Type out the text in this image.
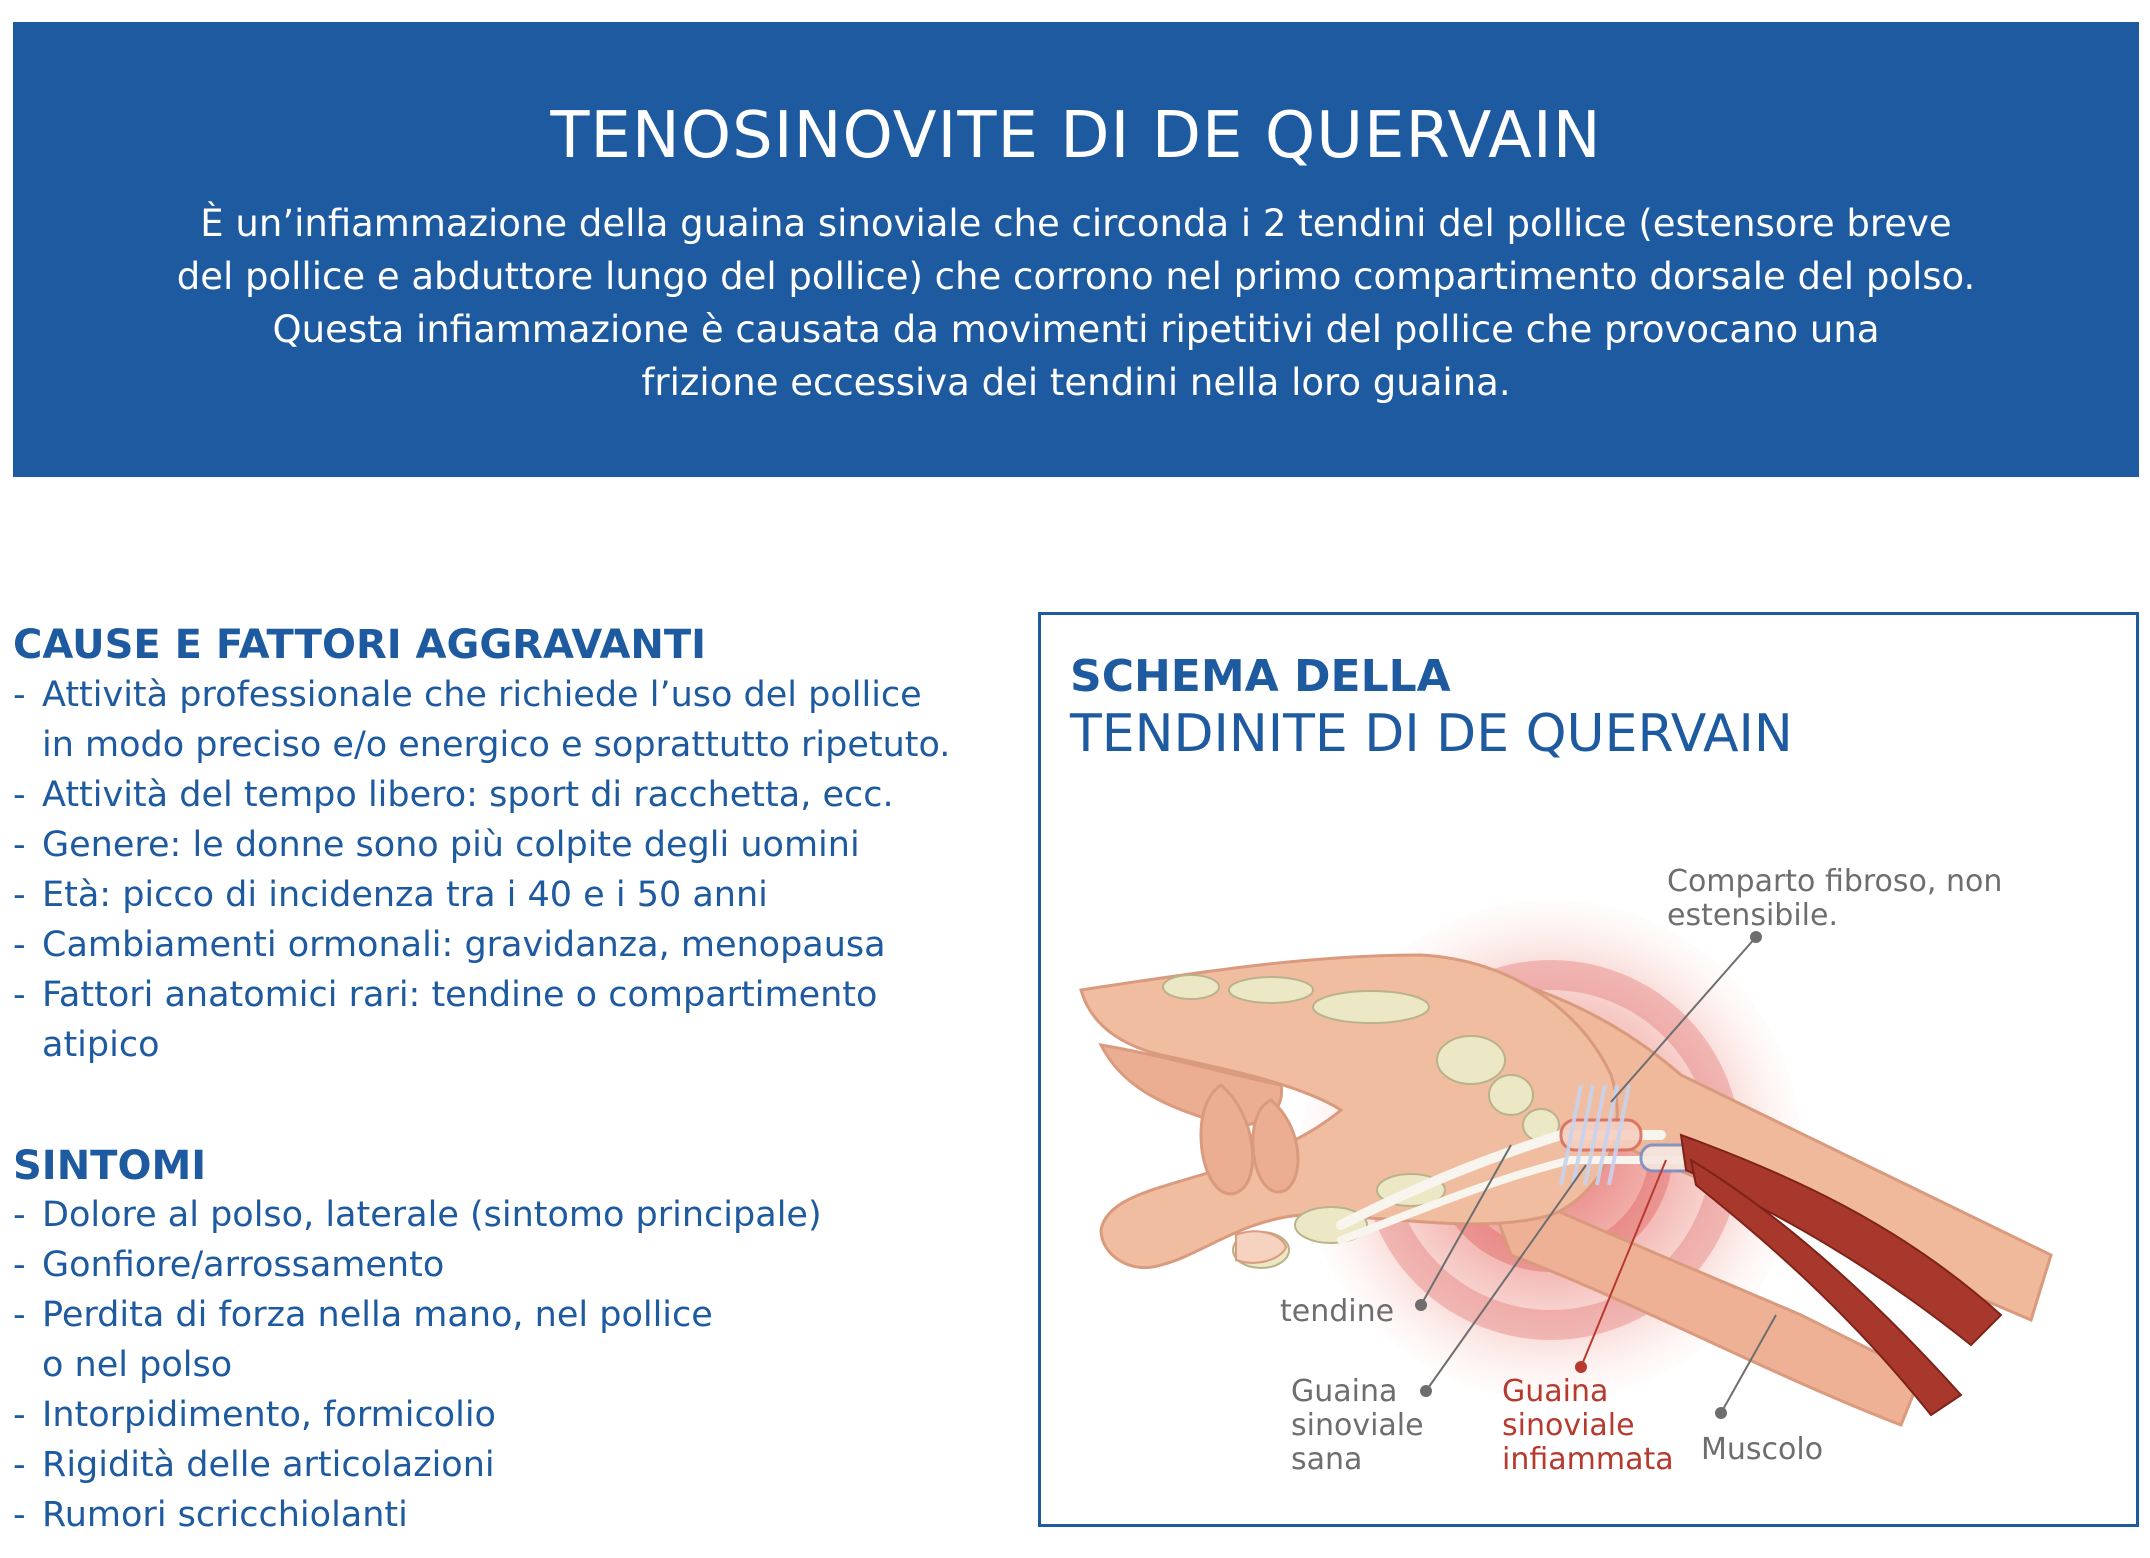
TENOSINOVITE DI DE QUERVAIN

È un’infiammazione della guaina sinoviale che circonda i 2 tendini del pollice (estensore breve
del pollice e abduttore lungo del pollice) che corrono nel primo compartimento dorsale del polso.
Questa infiammazione è causata da movimenti ripetitivi del pollice che provocano una
frizione eccessiva dei tendini nella loro guaina.

CAUSE E FATTORI AGGRAVANTI
- Attività professionale che richiede l’uso del pollice
in modo preciso e/o energico e soprattutto ripetuto.
- Attività del tempo libero: sport di racchetta, ecc.
- Genere: le donne sono più colpite degli uomini
- Età: picco di incidenza tra i 40 e i 50 anni
- Cambiamenti ormonali: gravidanza, menopausa
- Fattori anatomici rari: tendine o compartimento
atipico
SINTOMI
- Dolore al polso, laterale (sintomo principale)
- Gonfiore/arrossamento
- Perdita di forza nella mano, nel pollice
o nel polso
- Intorpidimento, formicolio
- Rigidità delle articolazioni
- Rumori scricchiolanti
SCHEMA DELLA
TENDINITE DI DE QUERVAIN
Comparto fibroso, non
estensibile.
tendine
Guaina
sinoviale
sana
Guaina
sinoviale
infiammata Muscolo
